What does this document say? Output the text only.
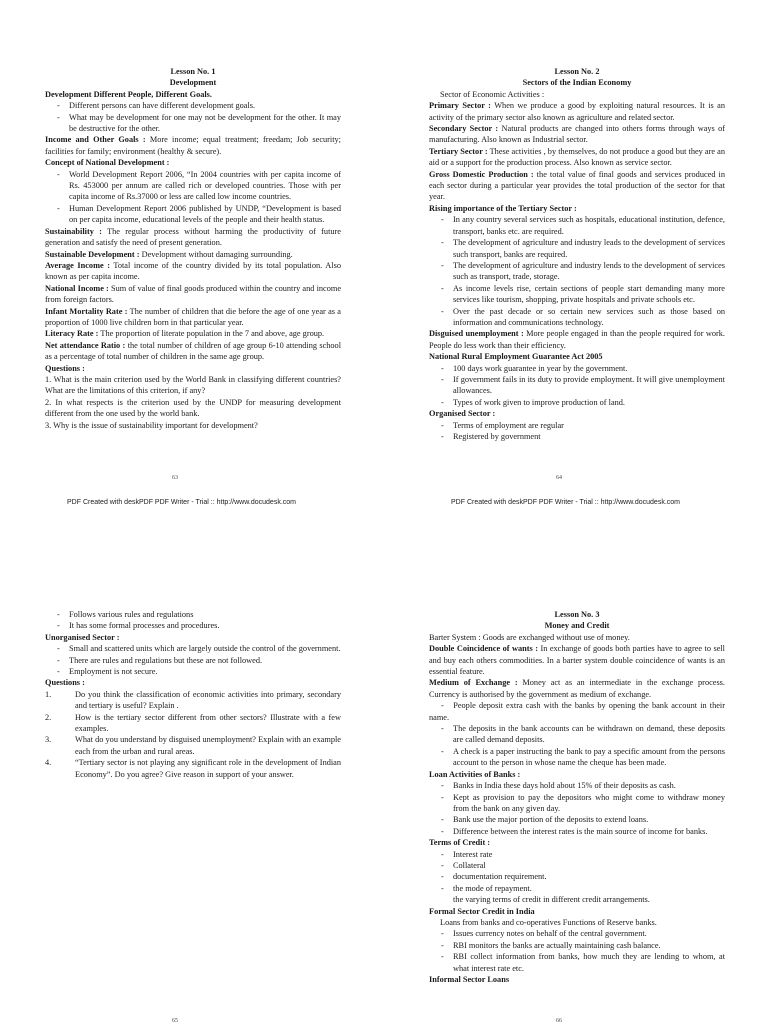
Lesson No. 1
Development
Development Different People, Different Goals.
- Different persons can have different development goals.
- What may be development for one may not be development for the other. It may be destructive for the other.

Income and Other Goals : More income; equal treatment; freedam; Job security; facilities for family; environment (healthy & secure).

Concept of National Development :
- World Development Report 2006, “In 2004 countries with per capita income of Rs. 453000 per annum are called rich or developed countries. Those with per capita income of Rs.37000 or less are called low income countries.
- Human Development Report 2006 published by UNDP, “Development is based on per capita income, educational levels of the people and their health status.

Sustainability : The regular process without harming the productivity of future generation and satisfy the need of present generation.

Sustainable Development : Development without damaging surrounding.

Average Income : Total income of the country divided by its total population. Also known as per capita income.

National Income : Sum of value of final goods produced within the country and income from foreign factors.

Infant Mortality Rate : The number of children that die before the age of one year as a proportion of 1000 live children born in that particular year.

Literacy Rate : The proportion of literate population in the 7 and above, age group.

Net attendance Ratio : the total number of children of age group 6-10 attending school as a percentage of total number of children in the same age group.

Questions :

1. What is the main criterion used by the World Bank in classifying different countries? What are the limitations of this criterion, if any?

2. In what respects is the criterion used by the UNDP for measuring development different from the one used by the world bank.

3. Why is the issue of sustainability important for development?

63
PDF Created with deskPDF PDF Writer - Trial :: http://www.docudesk.com
Lesson No. 2
Sectors of the Indian Economy

Sector of Economic Activities :

Primary Sector : When we produce a good by exploiting natural resources. It is an activity of the primary sector also known as agriculture and related sector.

Secondary Sector : Natural products are changed into others forms through ways of manufacturing. Also known as Industrial sector.

Tertiary Sector : These activities , by themselves, do not produce a good but they are an aid or a support for the production process. Also known as service sector.

Gross Domestic Production : the total value of final goods and services produced in each sector during a particular year provides the total production of the sector for that year.

Rising importance of the Tertiary Sector :
- In any country several services such as hospitals, educational institution, defence, transport, banks etc. are required.
- The development of agriculture and industry leads to the development of services such transport, banks are required.
- The development of agriculture and industry lends to the development of services such as transport, trade, storage.
- As income levels rise, certain sections of people start demanding many more services like tourism, shopping, private hospitals and private schools etc.
- Over the past decade or so certain new services such as those based on information and communications technology.

Disguised unemployment : More people engaged in than the people required for work. People do less work than their efficiency.

National Rural Employment Guarantee Act 2005
- 100 days work guarantee in year by the government.
- If government fails in its duty to provide employment. It will give unemployment allowances.
- Types of work given to improve production of land.
Organised Sector :
- Terms of employment are regular
- Registered by government
64
PDF Created with deskPDF PDF Writer - Trial :: http://www.docudesk.com
- Follows various rules and regulations
- It has some formal processes and procedures.
Unorganised Sector :
- Small and scattered units which are largely outside the control of the government.
- There are rules and regulations but these are not followed.
- Employment is not secure.
Questions :
1.	Do you think the classification of economic activities into primary, secondary and tertiary is useful? Explain .
2.	How is the tertiary sector different from other sectors? Illustrate with a few examples.
3.	What do you understand by disguised unemployment? Explain with an example each from the urban and rural areas.
4.	“Tertiary sector is not playing any significant role in the development of Indian Economy”. Do you agree? Give reason in support of your answer.
65
Lesson No. 3
Money and Credit

Barter System : Goods are exchanged without use of money.

Double Coincidence of wants : In exchange of goods both parties have to agree to sell and buy each others commodities. In a barter system double coincidence of wants is an essential feature.

Medium of Exchange : Money act as an intermediate in the exchange process. Currency is authorised by the government as medium of exchange.

-   People deposit extra cash with the banks by opening the bank account in their name.

- The deposits in the bank accounts can be withdrawn on demand, these deposits are called demand deposits.
- A check is a paper instructing the bank to pay a specific amount from the persons account to the person in whose name the cheque has been made.
Loan Activities of Banks :
- Banks in India these days hold about 15% of their deposits as cash.
- Kept as provision to pay the depositors who might come to withdraw money from the bank on any given day.
- Bank use the major portion of the deposits to extend loans.
- Difference between the interest rates is the main source of income for banks.
Terms of Credit :
- Interest rate
- Collateral
- documentation requirement.
- the mode of repayment.

the varying terms of credit in different credit arrangements.

Formal Sector Credit in India

Loans from banks and co-operatives Functions of Reserve banks.

- Issues currency notes on behalf of the central government.
- RBI monitors the banks are actually maintaining cash balance.
- RBI collect information from banks, how much they are lending to whom, at what interest rate etc.
Informal Sector Loans
66
